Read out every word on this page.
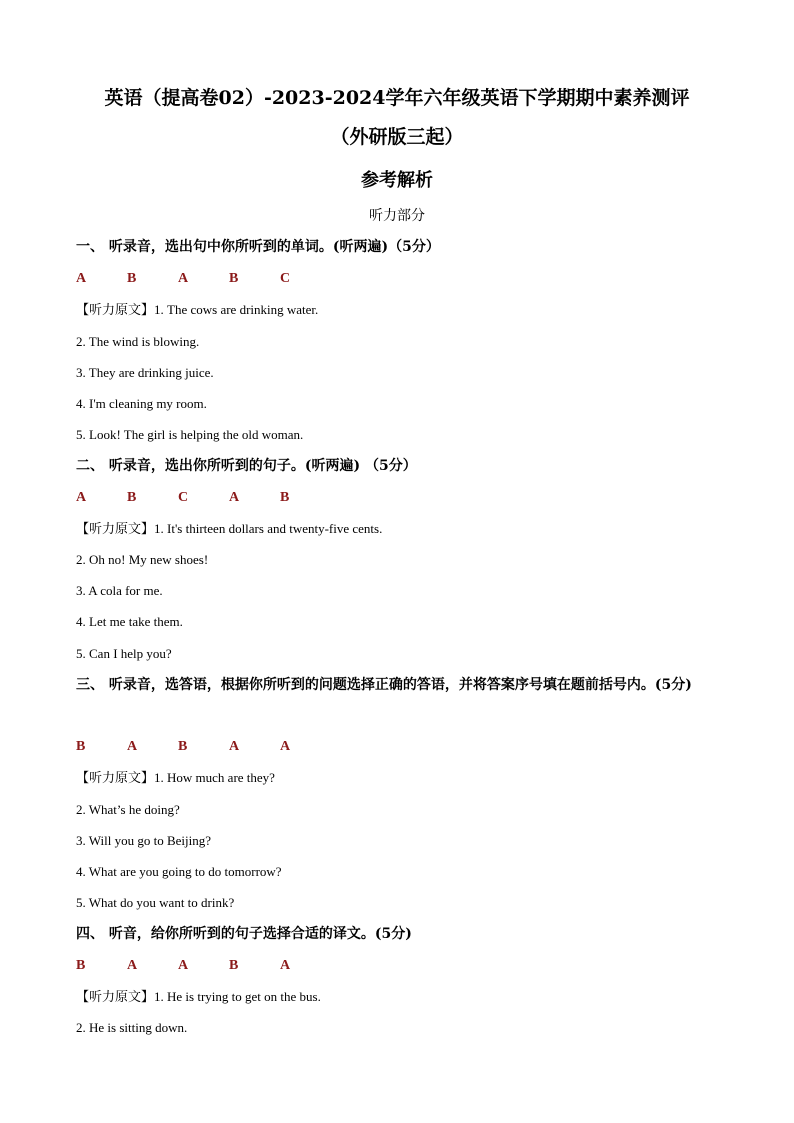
英语（提高卷02）-2023-2024学年六年级英语下学期期中素养测评
（外研版三起）
参考解析
听力部分
一、 听录音，选出句中你所听到的单词。(听两遍)（5分）
A	B	A	B	C
【听力原文】1. The cows are drinking water.
2. The wind is blowing.
3. They are drinking juice.
4. I'm cleaning my room.
5. Look! The girl is helping the old woman.
二、 听录音，选出你所听到的句子。(听两遍) （5分）
A	B	C	A	B
【听力原文】1. It's thirteen dollars and twenty-five cents.
2. Oh no! My new shoes!
3. A cola for me.
4. Let me take them.
5. Can I help you?
三、 听录音，选答语，根据你所听到的问题选择正确的答语，并将答案序号填在题前括号内。(5分)
B	A	B	A	A
【听力原文】1. How much are they?
2. What’s he doing?
3. Will you go to Beijing?
4. What are you going to do tomorrow?
5. What do you want to drink?
四、 听音，给你所听到的句子选择合适的译文。(5分)
B	A	A	B	A
【听力原文】1. He is trying to get on the bus.
2. He is sitting down.
